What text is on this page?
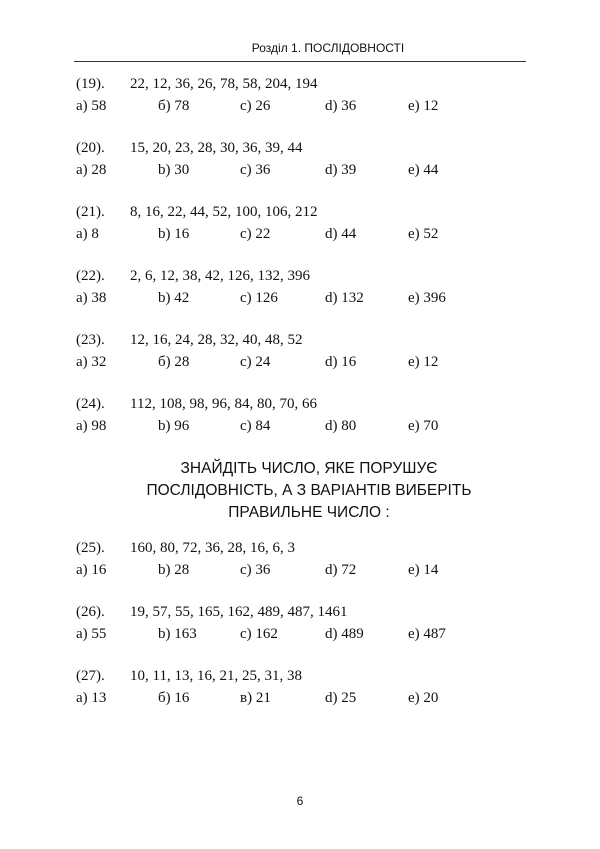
Розділ 1. ПОСЛІДОВНОСТІ
(19). 22, 12, 36, 26, 78, 58, 204, 194
а) 58	б) 78	с) 26	d) 36	е) 12
(20). 15, 20, 23, 28, 30, 36, 39, 44
а) 28	b) 30	c) 36	d) 39	e) 44
(21). 8, 16, 22, 44, 52, 100, 106, 212
а) 8	b) 16	c) 22	d) 44	e) 52
(22). 2, 6, 12, 38, 42, 126, 132, 396
а) 38	b) 42	c) 126	d) 132	e) 396
(23). 12, 16, 24, 28, 32, 40, 48, 52
а) 32	б) 28	с) 24	d) 16	е) 12
(24). 112, 108, 98, 96, 84, 80, 70, 66
а) 98	b) 96	c) 84	d) 80	e) 70
ЗНАЙДІТЬ ЧИСЛО, ЯКЕ ПОРУШУЄ
ПОСЛІДОВНІСТЬ, А З ВАРІАНТІВ ВИБЕРІТЬ
ПРАВИЛЬНЕ ЧИСЛО :
(25). 160, 80, 72, 36, 28, 16, 6, 3
а) 16	b) 28	c) 36	d) 72	e) 14
(26). 19, 57, 55, 165, 162, 489, 487, 1461
а) 55	b) 163	c) 162	d) 489	e) 487
(27). 10, 11, 13, 16, 21, 25, 31, 38
а) 13	б) 16	в) 21	d) 25	е) 20
6
